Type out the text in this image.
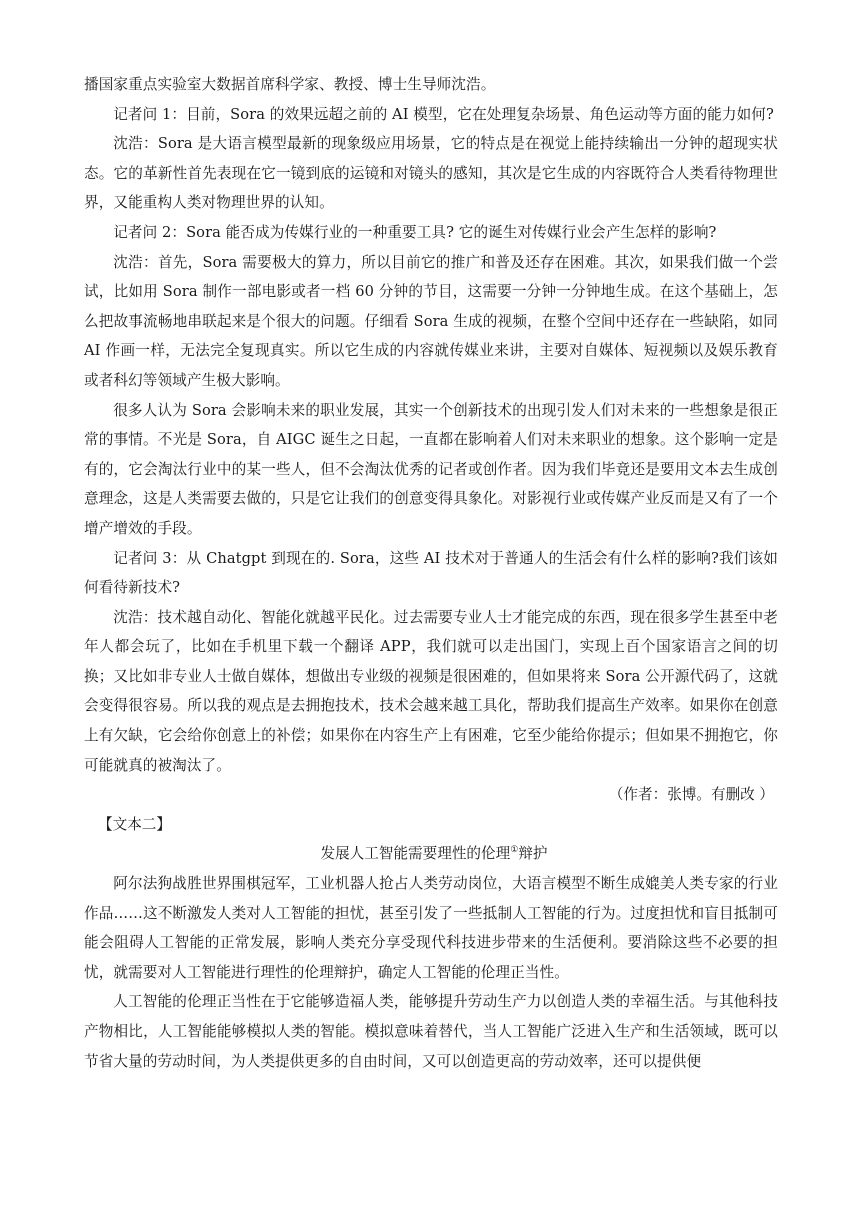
播国家重点实验室大数据首席科学家、教授、博士生导师沈浩。

记者问 1：目前，Sora 的效果远超之前的 AI 模型，它在处理复杂场景、角色运动等方面的能力如何?

沈浩：Sora 是大语言模型最新的现象级应用场景，它的特点是在视觉上能持续输出一分钟的超现实状态。它的革新性首先表现在它一镜到底的运镜和对镜头的感知，其次是它生成的内容既符合人类看待物理世界，又能重构人类对物理世界的认知。

记者问 2：Sora 能否成为传媒行业的一种重要工具? 它的诞生对传媒行业会产生怎样的影响?

沈浩：首先，Sora 需要极大的算力，所以目前它的推广和普及还存在困难。其次，如果我们做一个尝试，比如用 Sora 制作一部电影或者一档 60 分钟的节目，这需要一分钟一分钟地生成。在这个基础上，怎么把故事流畅地串联起来是个很大的问题。仔细看 Sora 生成的视频，在整个空间中还存在一些缺陷，如同 AI 作画一样，无法完全复现真实。所以它生成的内容就传媒业来讲，主要对自媒体、短视频以及娱乐教育或者科幻等领域产生极大影响。

很多人认为 Sora 会影响未来的职业发展，其实一个创新技术的出现引发人们对未来的一些想象是很正常的事情。不光是 Sora，自 AIGC 诞生之日起，一直都在影响着人们对未来职业的想象。这个影响一定是有的，它会淘汰行业中的某一些人，但不会淘汰优秀的记者或创作者。因为我们毕竟还是要用文本去生成创意理念，这是人类需要去做的，只是它让我们的创意变得具象化。对影视行业或传媒产业反而是又有了一个增产增效的手段。

记者问 3：从 Chatgpt 到现在的. Sora，这些 AI 技术对于普通人的生活会有什么样的影响?我们该如何看待新技术?

沈浩：技术越自动化、智能化就越平民化。过去需要专业人士才能完成的东西，现在很多学生甚至中老年人都会玩了，比如在手机里下载一个翻译 APP，我们就可以走出国门，实现上百个国家语言之间的切换；又比如非专业人士做自媒体，想做出专业级的视频是很困难的，但如果将来 Sora 公开源代码了，这就会变得很容易。所以我的观点是去拥抱技术，技术会越来越工具化，帮助我们提高生产效率。如果你在创意上有欠缺，它会给你创意上的补偿；如果你在内容生产上有困难，它至少能给你提示；但如果不拥抱它，你可能就真的被淘汰了。

（作者：张博。有删改 ）

【文本二】

发展人工智能需要理性的伦理①辩护

阿尔法狗战胜世界围棋冠军，工业机器人抢占人类劳动岗位，大语言模型不断生成媲美人类专家的行业作品……这不断激发人类对人工智能的担忧，甚至引发了一些抵制人工智能的行为。过度担忧和盲目抵制可能会阻碍人工智能的正常发展，影响人类充分享受现代科技进步带来的生活便利。要消除这些不必要的担忧，就需要对人工智能进行理性的伦理辩护，确定人工智能的伦理正当性。

人工智能的伦理正当性在于它能够造福人类，能够提升劳动生产力以创造人类的幸福生活。与其他科技产物相比，人工智能能够模拟人类的智能。模拟意味着替代，当人工智能广泛进入生产和生活领域，既可以节省大量的劳动时间，为人类提供更多的自由时间，又可以创造更高的劳动效率，还可以提供便
